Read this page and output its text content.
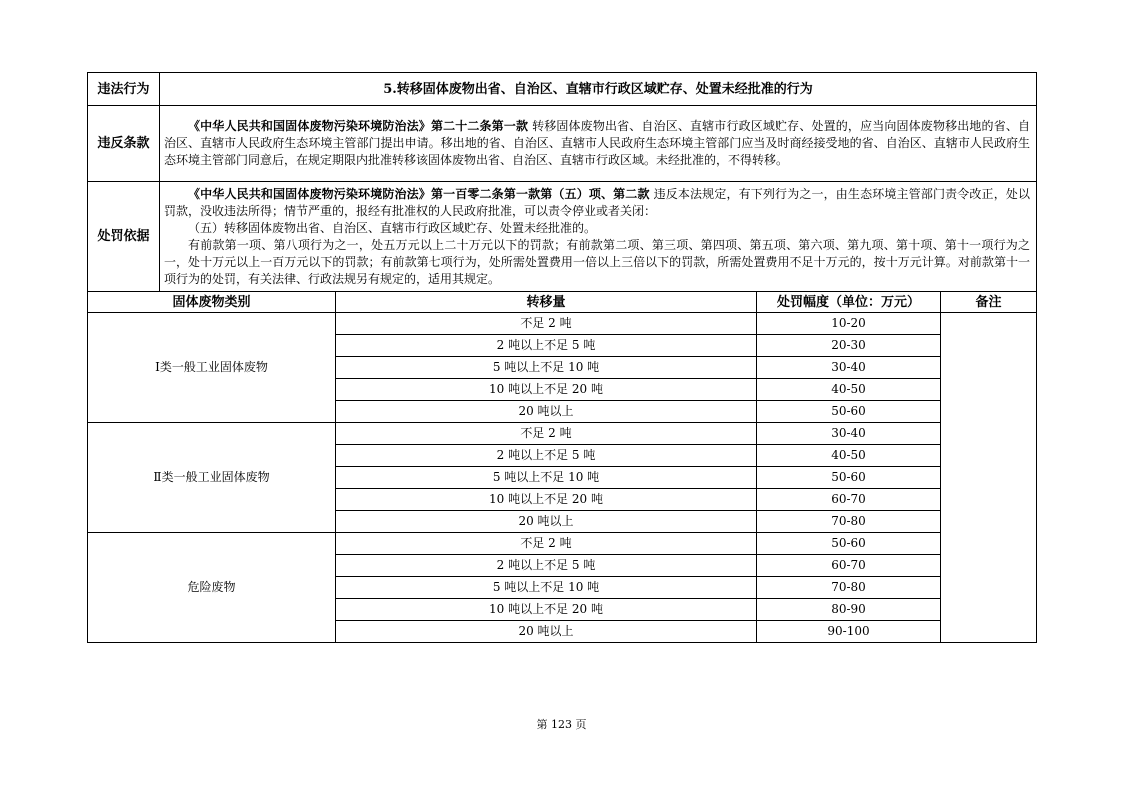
违法行为	5.转移固体废物出省、自治区、直辖市行政区域贮存、处置未经批准的行为			
违反条款	《中华人民共和国固体废物污染环境防治法》第二十二条第一款 转移固体废物出省、自治区、直辖市行政区域贮存、处置的，应当向固体废物移出地的省、自治区、直辖市人民政府生态环境主管部门提出申请。移出地的省、自治区、直辖市人民政府生态环境主管部门应当及时商经接受地的省、自治区、直辖市人民政府生态环境主管部门同意后，在规定期限内批准转移该固体废物出省、自治区、直辖市行政区域。未经批准的，不得转移。			

处罚依据	《中华人民共和国固体废物污染环境防治法》第一百零二条第一款第（五）项、第二款 违反本法规定，有下列行为之一，由生态环境主管部门责令改正，处以罚款，没收违法所得；情节严重的，报经有批准权的人民政府批准，可以责令停业或者关闭：
（五）转移固体废物出省、自治区、直辖市行政区域贮存、处置未经批准的。
有前款第一项、第八项行为之一，处五万元以上二十万元以下的罚款；有前款第二项、第三项、第四项、第五项、第六项、第九项、第十项、第十一项行为之一，处十万元以上一百万元以下的罚款；有前款第七项行为，处所需处置费用一倍以上三倍以下的罚款，所需处置费用不足十万元的，按十万元计算。对前款第十一项行为的处罚，有关法律、行政法规另有规定的，适用其规定。			

固体废物类别		转移量	处罚幅度（单位：万元）	备注
Ⅰ类一般工业固体废物		不足 2 吨	10-20	
		2 吨以上不足 5 吨	20-30	
		5 吨以上不足 10 吨	30-40	
		10 吨以上不足 20 吨	40-50	
		20 吨以上	50-60	
Ⅱ类一般工业固体废物		不足 2 吨	30-40	
		2 吨以上不足 5 吨	40-50	
		5 吨以上不足 10 吨	50-60	
		10 吨以上不足 20 吨	60-70	
		20 吨以上	70-80	
危险废物		不足 2 吨	50-60	
		2 吨以上不足 5 吨	60-70	
		5 吨以上不足 10 吨	70-80	
		10 吨以上不足 20 吨	80-90	
		20 吨以上	90-100	
第 123 页
